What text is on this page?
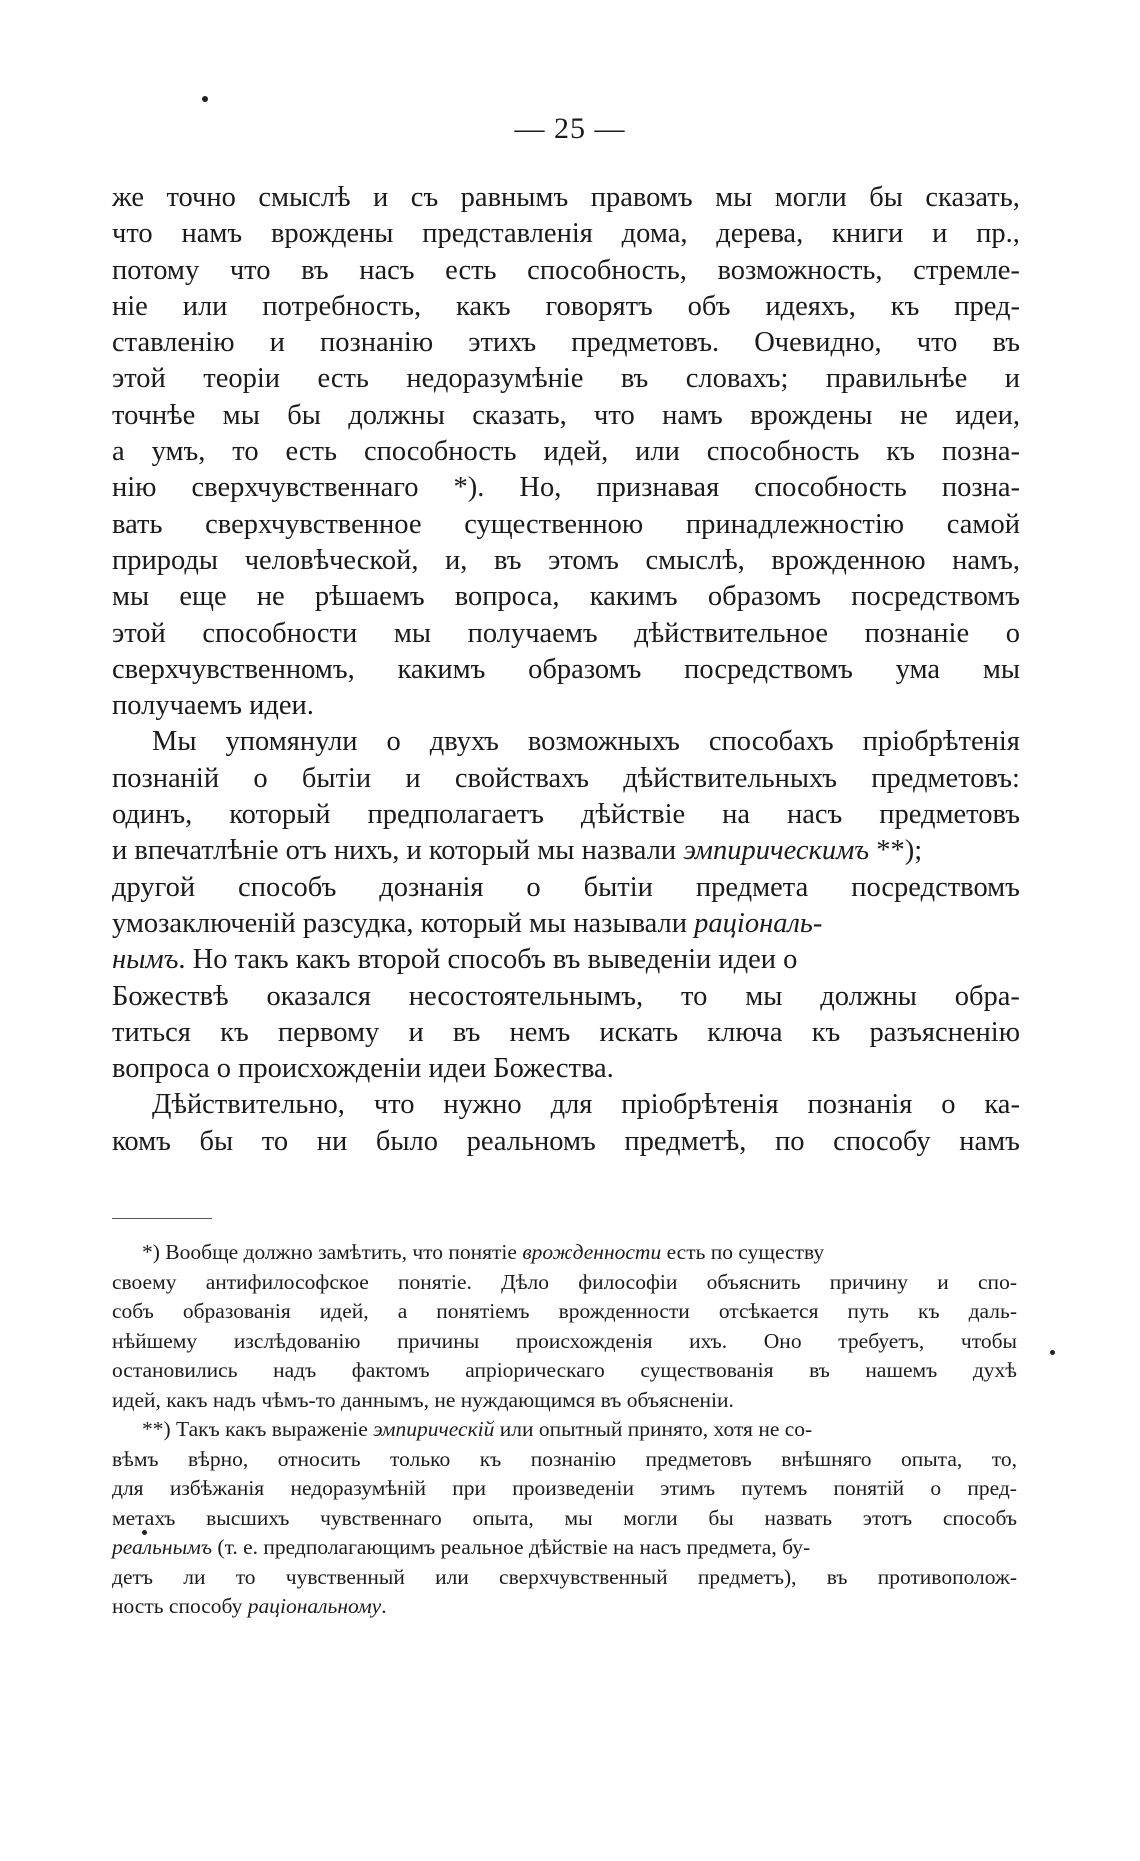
— 25 —
же точно смыслѣ и съ равнымъ правомъ мы могли бы сказать,
что намъ врождены представленія дома, дерева, книги и пр.,
потому что въ насъ есть способность, возможность, стремле-
ніе или потребность, какъ говорятъ объ идеяхъ, къ пред-
ставленію и познанію этихъ предметовъ. Очевидно, что въ
этой теоріи есть недоразумѣніе въ словахъ; правильнѣе и
точнѣе мы бы должны сказать, что намъ врождены не идеи,
а умъ, то есть способность идей, или способность къ позна-
нію сверхчувственнаго *). Но, признавая способность позна-
вать сверхчувственное существенною принадлежностію самой
природы человѣческой, и, въ этомъ смыслѣ, врожденною намъ,
мы еще не рѣшаемъ вопроса, какимъ образомъ посредствомъ
этой способности мы получаемъ дѣйствительное познаніе о
сверхчувственномъ, какимъ образомъ посредствомъ ума мы
получаемъ идеи.
Мы упомянули о двухъ возможныхъ способахъ пріобрѣтенія
познаній о бытіи и свойствахъ дѣйствительныхъ предметовъ:
одинъ, который предполагаетъ дѣйствіе на насъ предметовъ
и впечатлѣніе отъ нихъ, и который мы назвали эмпирическимъ **);
другой способъ дознанія о бытіи предмета посредствомъ
умозаключеній разсудка, который мы называли раціональ-
нымъ . Но такъ какъ второй способъ въ выведеніи идеи о
Божествѣ оказался несостоятельнымъ, то мы должны обра-
титься къ первому и въ немъ искать ключа къ разъясненію
вопроса о происхожденіи идеи Божества.
Дѣйствительно, что нужно для пріобрѣтенія познанія о ка-
комъ бы то ни было реальномъ предметѣ, по способу намъ
*) Вообще должно замѣтить, что понятіе врожденности есть по существу
своему антифилософское понятіе. Дѣло философіи объяснить причину и спо-
собъ образованія идей, а понятіемъ врожденности отсѣкается путь къ даль-
нѣйшему изслѣдованію причины происхожденія ихъ. Оно требуетъ, чтобы
остановились надъ фактомъ апріорическаго существованія въ нашемъ духѣ
идей, какъ надъ чѣмъ-то даннымъ, не нуждающимся въ объясненіи.
**) Такъ какъ выраженіе эмпирическій или опытный принято, хотя не со-
вѣмъ вѣрно, относить только къ познанію предметовъ внѣшняго опыта, то,
для избѣжанія недоразумѣній при произведеніи этимъ путемъ понятій о пред-
метахъ высшихъ чувственнаго опыта, мы могли бы назвать этотъ способъ
реальнымъ (т. е. предполагающимъ реальное дѣйствіе на насъ предмета, бу-
детъ ли то чувственный или сверхчувственный предметъ), въ противополож-
ность способу раціональному .
